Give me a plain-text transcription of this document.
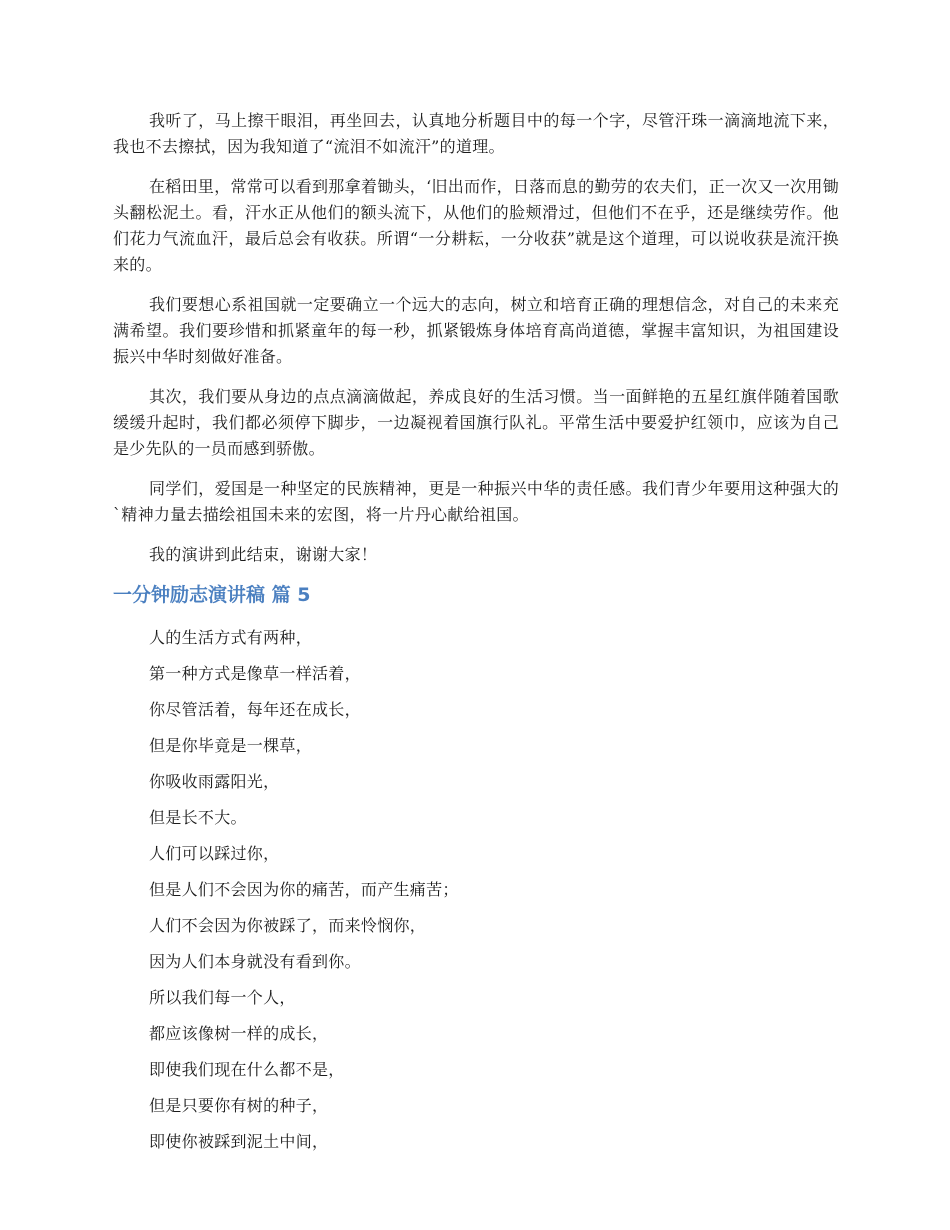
我听了，马上擦干眼泪，再坐回去，认真地分析题目中的每一个字，尽管汗珠一滴滴地流下来，我也不去擦拭，因为我知道了“流泪不如流汗”的道理。

在稻田里，常常可以看到那拿着锄头，‘旧出而作，日落而息的勤劳的农夫们，正一次又一次用锄头翻松泥土。看，汗水正从他们的额头流下，从他们的脸颊滑过，但他们不在乎，还是继续劳作。他们花力气流血汗，最后总会有收获。所谓“一分耕耘，一分收获”就是这个道理，可以说收获是流汗换来的。

我们要想心系祖国就一定要确立一个远大的志向，树立和培育正确的理想信念，对自己的未来充满希望。我们要珍惜和抓紧童年的每一秒，抓紧锻炼身体培育高尚道德，掌握丰富知识，为祖国建设振兴中华时刻做好准备。

其次，我们要从身边的点点滴滴做起，养成良好的生活习惯。当一面鲜艳的五星红旗伴随着国歌缓缓升起时，我们都必须停下脚步，一边凝视着国旗行队礼。平常生活中要爱护红领巾，应该为自己是少先队的一员而感到骄傲。

同学们，爱国是一种坚定的民族精神，更是一种振兴中华的责任感。我们青少年要用这种强大的`精神力量去描绘祖国未来的宏图，将一片丹心献给祖国。

我的演讲到此结束，谢谢大家！

一分钟励志演讲稿 篇 5

人的生活方式有两种，

第一种方式是像草一样活着，

你尽管活着，每年还在成长，

但是你毕竟是一棵草，

你吸收雨露阳光，

但是长不大。

人们可以踩过你，

但是人们不会因为你的痛苦，而产生痛苦；

人们不会因为你被踩了，而来怜悯你，

因为人们本身就没有看到你。

所以我们每一个人，

都应该像树一样的成长，

即使我们现在什么都不是，

但是只要你有树的种子，

即使你被踩到泥土中间，
